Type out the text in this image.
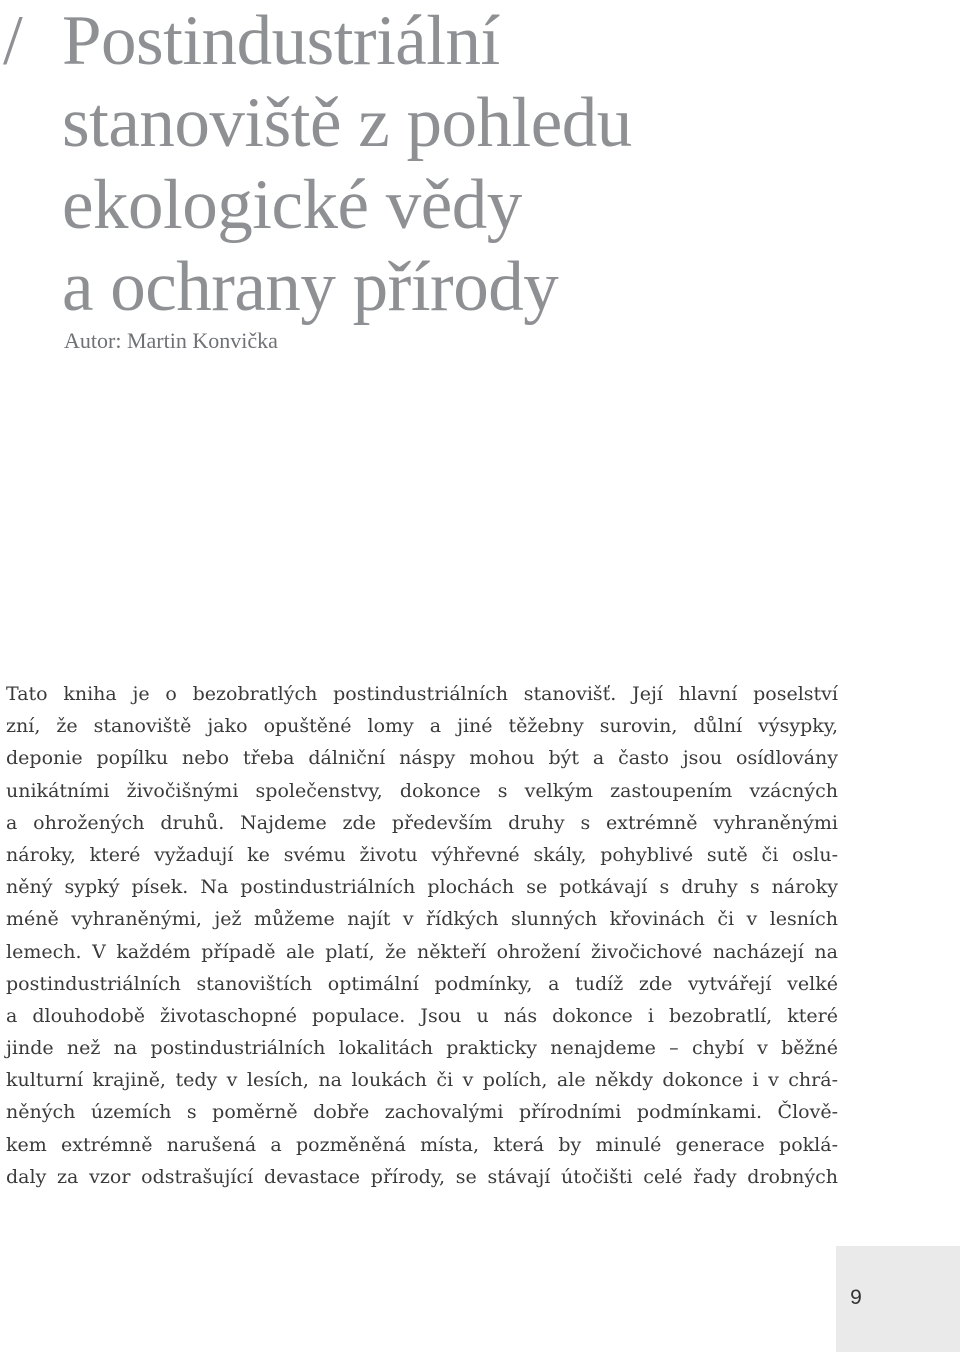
/ Postindustriální
stanoviště z pohledu
ekologické vědy
a ochrany přírody
Autor: Martin Konvička
Tato kniha je o bezobratlých postindustriálních stanovišť. Její hlavní poselství
zní, že stanoviště jako opuštěné lomy a jiné těžebny surovin, důlní výsypky,
deponie popílku nebo třeba dálniční náspy mohou být a často jsou osídlovány
unikátními živočišnými společenstvy, dokonce s velkým zastoupením vzácných
a ohrožených druhů. Najdeme zde především druhy s extrémně vyhraněnými
nároky, které vyžadují ke svému životu výhřevné skály, pohyblivé sutě či oslu-
něný sypký písek. Na postindustriálních plochách se potkávají s druhy s nároky
méně vyhraněnými, jež můžeme najít v řídkých slunných křovinách či v lesních
lemech. V každém případě ale platí, že někteří ohrožení živočichové nacházejí na
postindustriálních stanovištích optimální podmínky, a tudíž zde vytvářejí velké
a dlouhodobě životaschopné populace. Jsou u nás dokonce i bezobratlí, které
jinde než na postindustriálních lokalitách prakticky nenajdeme – chybí v běžné
kulturní krajině, tedy v lesích, na loukách či v polích, ale někdy dokonce i v chrá-
něných územích s poměrně dobře zachovalými přírodními podmínkami. Člově-
kem extrémně narušená a pozměněná místa, která by minulé generace poklá-
daly za vzor odstrašující devastace přírody, se stávají útočišti celé řady drobných
9
